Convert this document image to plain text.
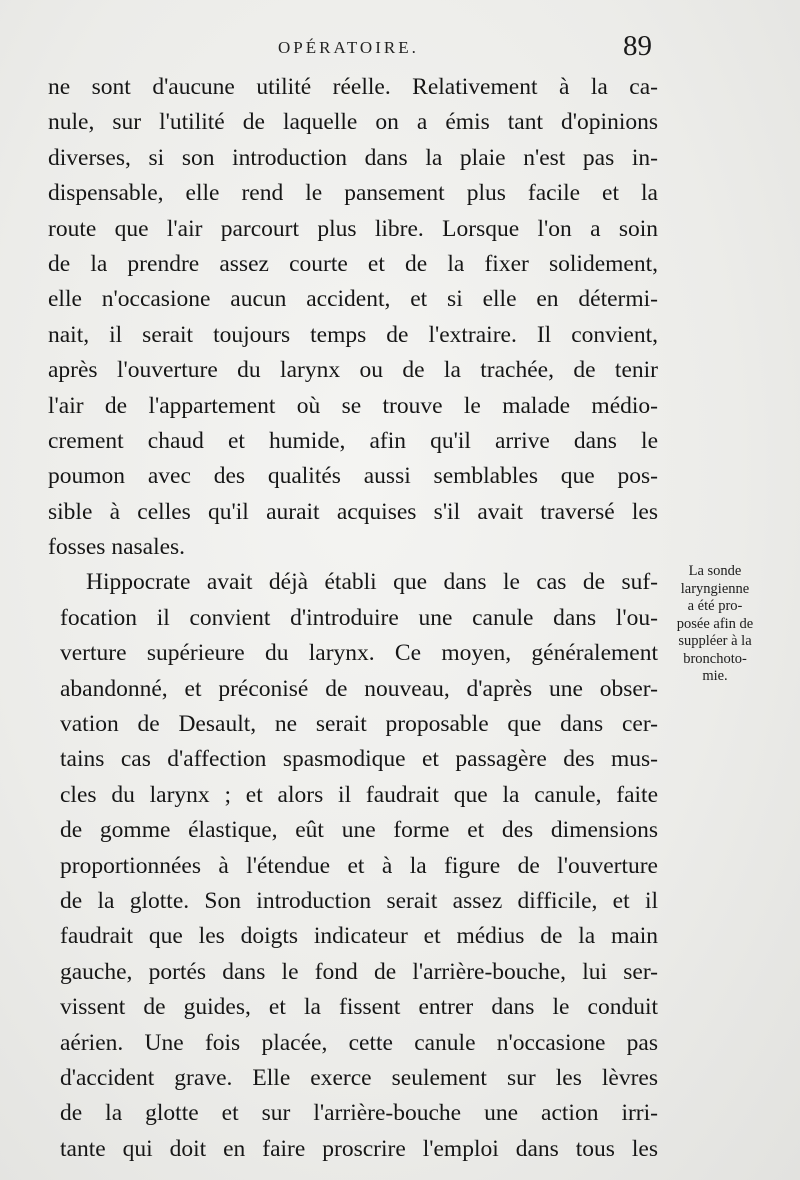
OPÉRATOIRE.	89
ne sont d'aucune utilité réelle. Relativement à la ca-
nule, sur l'utilité de laquelle on a émis tant d'opinions
diverses, si son introduction dans la plaie n'est pas in-
dispensable, elle rend le pansement plus facile et la
route que l'air parcourt plus libre. Lorsque l'on a soin
de la prendre assez courte et de la fixer solidement,
elle n'occasione aucun accident, et si elle en détermi-
nait, il serait toujours temps de l'extraire. Il convient,
après l'ouverture du larynx ou de la trachée, de tenir
l'air de l'appartement où se trouve le malade médio-
crement chaud et humide, afin qu'il arrive dans le
poumon avec des qualités aussi semblables que pos-
sible à celles qu'il aurait acquises s'il avait traversé les
fosses nasales.
Hippocrate avait déjà établi que dans le cas de suf-
focation il convient d'introduire une canule dans l'ou-
verture supérieure du larynx. Ce moyen, généralement
abandonné, et préconisé de nouveau, d'après une obser-
vation de Desault, ne serait proposable que dans cer-
tains cas d'affection spasmodique et passagère des mus-
cles du larynx ; et alors il faudrait que la canule, faite
de gomme élastique, eût une forme et des dimensions
proportionnées à l'étendue et à la figure de l'ouverture
de la glotte. Son introduction serait assez difficile, et il
faudrait que les doigts indicateur et médius de la main
gauche, portés dans le fond de l'arrière-bouche, lui ser-
vissent de guides, et la fissent entrer dans le conduit
aérien. Une fois placée, cette canule n'occasione pas
d'accident grave. Elle exerce seulement sur les lèvres
de la glotte et sur l'arrière-bouche une action irri-
tante qui doit en faire proscrire l'emploi dans tous les
La sonde
laryngienne
a été pro-
posée afin de
suppléer à la
bronchoto-
mie.
